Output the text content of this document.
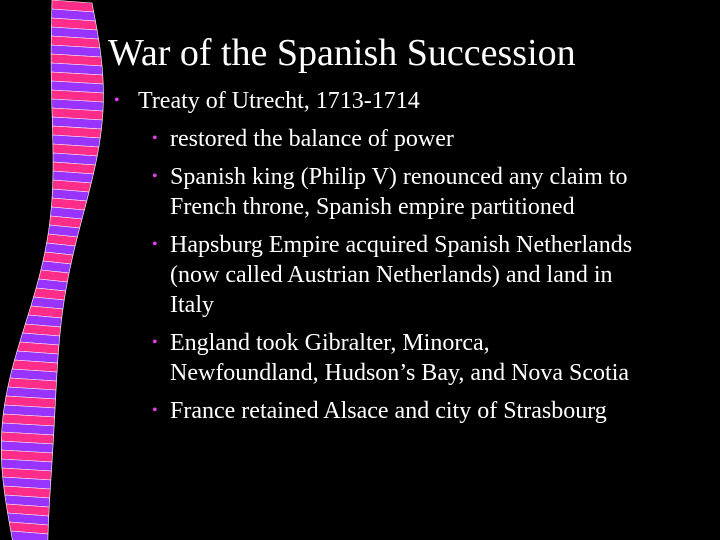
War of the Spanish Succession
• Treaty of Utrecht, 1713-1714
• restored the balance of power
• Spanish king (Philip V) renounced any claim to
French throne, Spanish empire partitioned
• Hapsburg Empire acquired Spanish Netherlands
(now called Austrian Netherlands) and land in
Italy
• England took Gibralter, Minorca,
Newfoundland, Hudson’s Bay, and Nova Scotia
• France retained Alsace and city of Strasbourg
